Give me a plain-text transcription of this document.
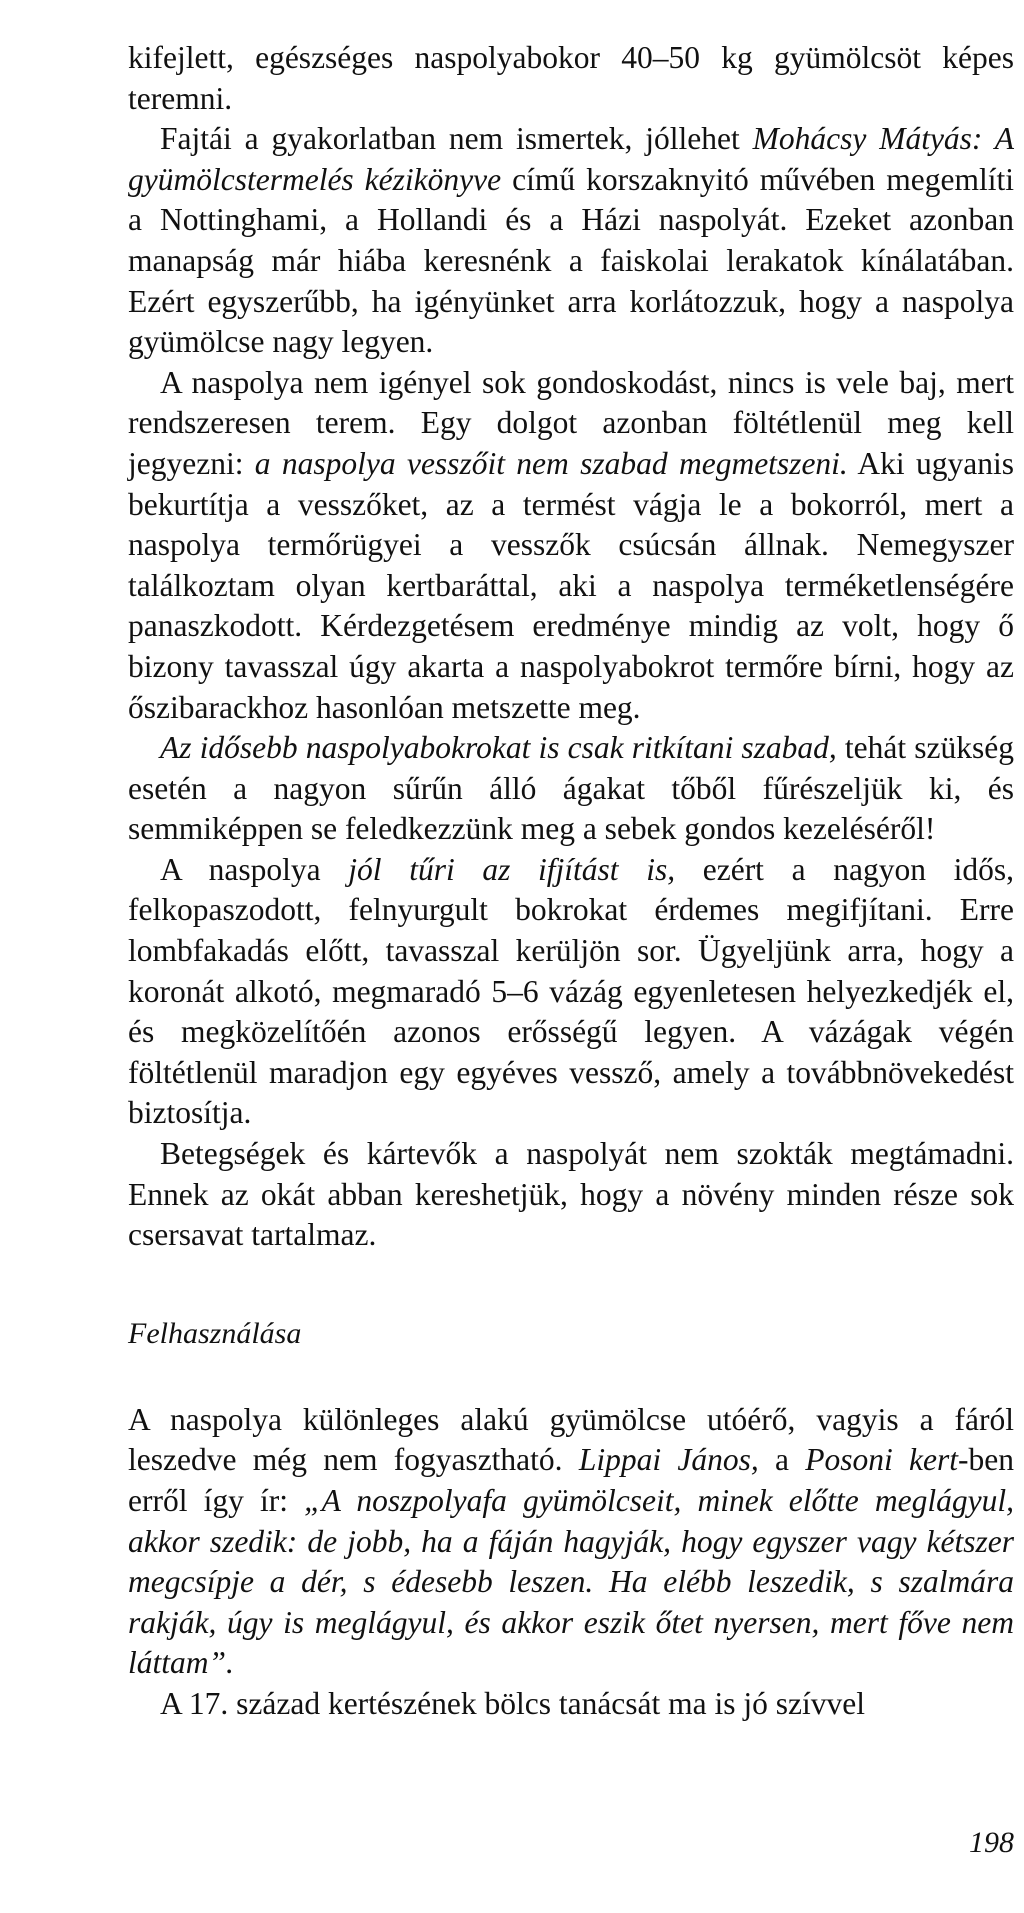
kifejlett, egészséges naspolyabokor 40–50 kg gyümölcsöt képes teremni.

Fajtái a gyakorlatban nem ismertek, jóllehet Mohácsy Mátyás: A gyümölcstermelés kézikönyve című korszaknyitó művében megemlíti a Nottinghami, a Hollandi és a Házi naspolyát. Ezeket azonban manapság már hiába keresnénk a faiskolai lerakatok kínálatában. Ezért egyszerűbb, ha igényünket arra korlátozzuk, hogy a naspolya gyümölcse nagy legyen.

A naspolya nem igényel sok gondoskodást, nincs is vele baj, mert rendszeresen terem. Egy dolgot azonban föltétlenül meg kell jegyezni: a naspolya vesszőit nem szabad megmetszeni. Aki ugyanis bekurtítja a vesszőket, az a termést vágja le a bokorról, mert a naspolya termőrügyei a vesszők csúcsán állnak. Nemegyszer találkoztam olyan kertbaráttal, aki a naspolya terméketlenségére panaszkodott. Kérdezgetésem eredménye mindig az volt, hogy ő bizony tavasszal úgy akarta a naspolyabokrot termőre bírni, hogy az őszibarackhoz hasonlóan metszette meg.

Az idősebb naspolyabokrokat is csak ritkítani szabad, tehát szükség esetén a nagyon sűrűn álló ágakat tőből fűrészeljük ki, és semmiképpen se feledkezzünk meg a sebek gondos kezeléséről!

A naspolya jól tűri az ifjítást is, ezért a nagyon idős, felkopaszodott, felnyurgult bokrokat érdemes megifjítani. Erre lombfakadás előtt, tavasszal kerüljön sor. Ügyeljünk arra, hogy a koronát alkotó, megmaradó 5–6 vázág egyenletesen helyezkedjék el, és megközelítőén azonos erősségű legyen. A vázágak végén föltétlenül maradjon egy egyéves vessző, amely a továbbnövekedést biztosítja.

Betegségek és kártevők a naspolyát nem szokták megtámadni. Ennek az okát abban kereshetjük, hogy a növény minden része sok csersavat tartalmaz.

Felhasználása

A naspolya különleges alakú gyümölcse utóérő, vagyis a fáról leszedve még nem fogyasztható. Lippai János, a Posoni kert-ben erről így ír: „A noszpolyafa gyümölcseit, minek előtte meglágyul, akkor szedik: de jobb, ha a fáján hagyják, hogy egyszer vagy kétszer megcsípje a dér, s édesebb leszen. Ha elébb leszedik, s szalmára rakják, úgy is meglágyul, és akkor eszik őtet nyersen, mert főve nem láttam”.

A 17. század kertészének bölcs tanácsát ma is jó szívvel

198
